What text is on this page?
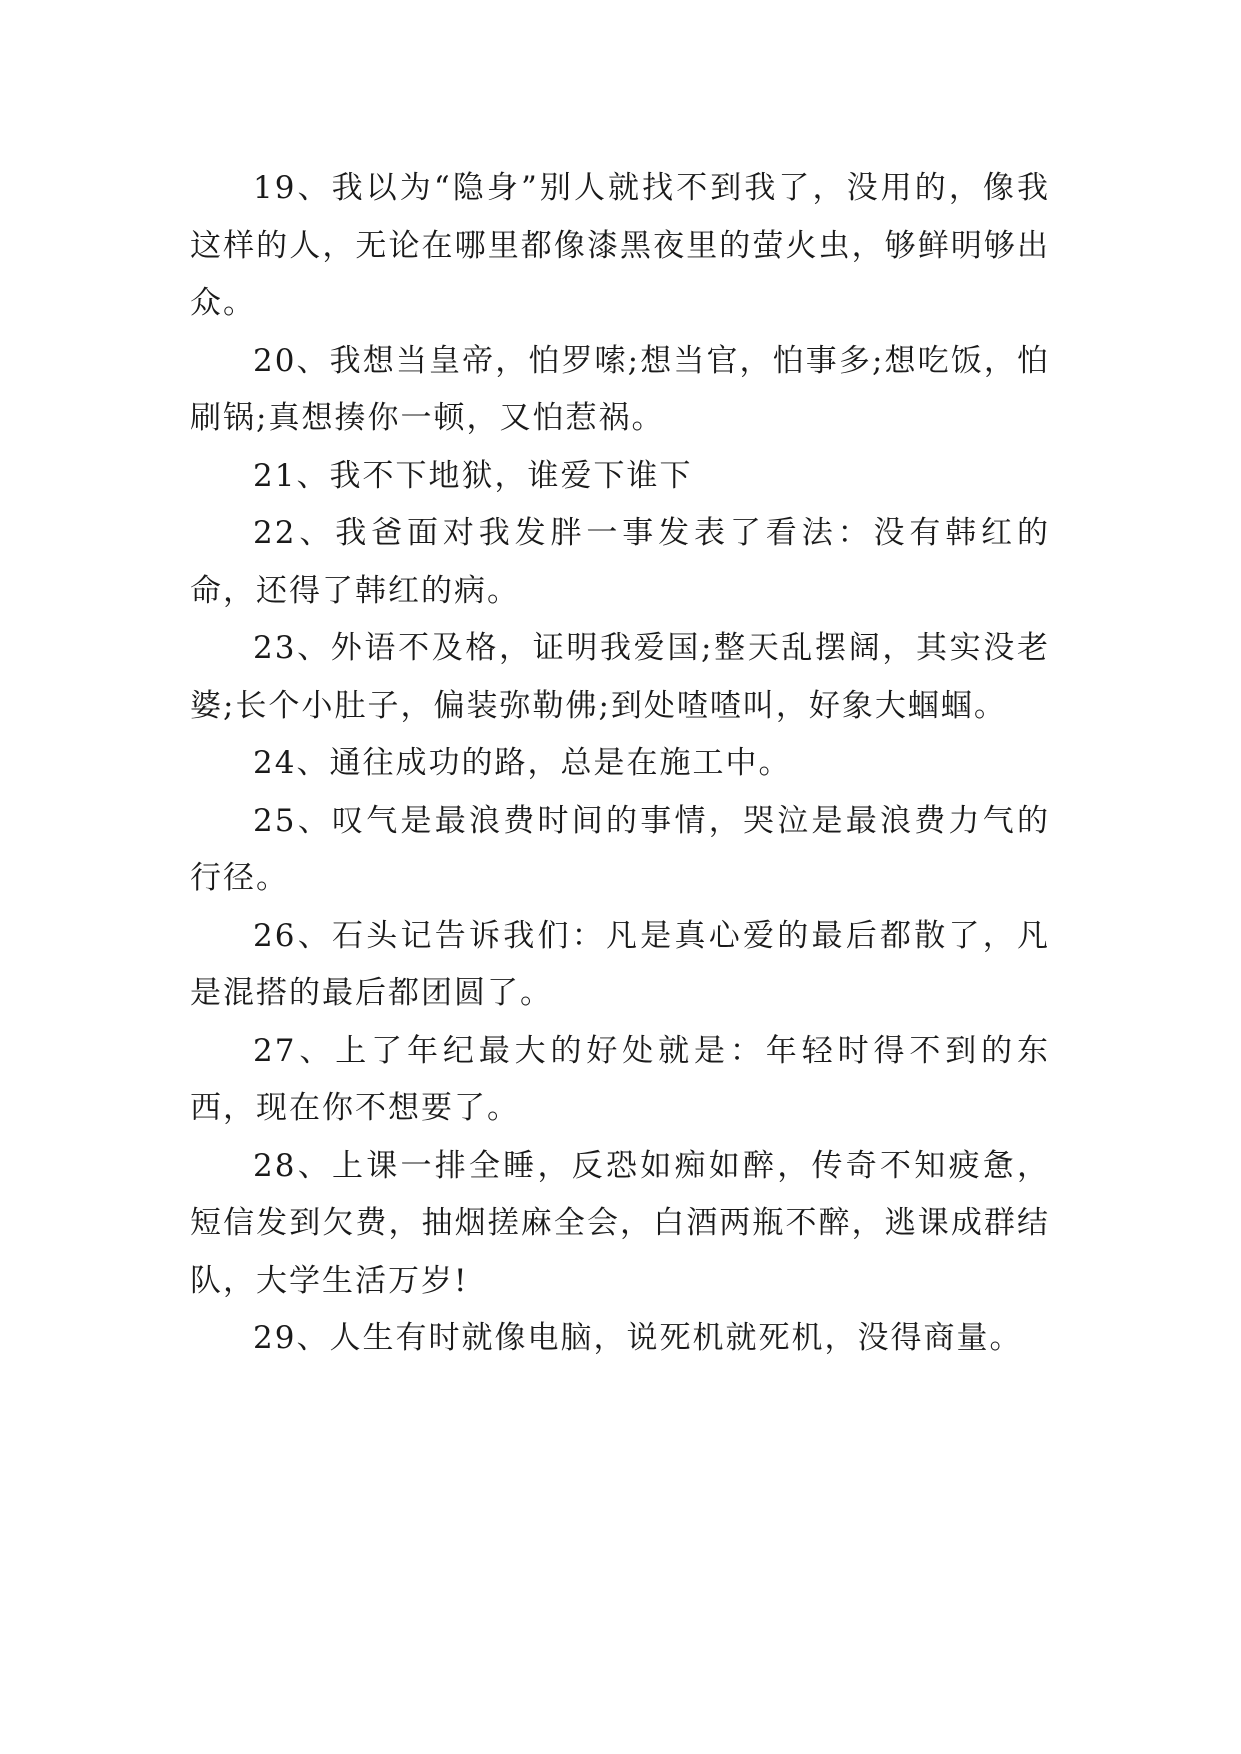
19、我以为“隐身”别人就找不到我了，没用的，像我这样的人，无论在哪里都像漆黑夜里的萤火虫，够鲜明够出众。

20、我想当皇帝，怕罗嗦;想当官，怕事多;想吃饭，怕刷锅;真想揍你一顿，又怕惹祸。

21、我不下地狱，谁爱下谁下

22、我爸面对我发胖一事发表了看法：没有韩红的命，还得了韩红的病。

23、外语不及格，证明我爱国;整天乱摆阔，其实没老婆;长个小肚子，偏装弥勒佛;到处喳喳叫，好象大蝈蝈。

24、通往成功的路，总是在施工中。

25、叹气是最浪费时间的事情，哭泣是最浪费力气的行径。

26、石头记告诉我们：凡是真心爱的最后都散了，凡是混搭的最后都团圆了。

27、上了年纪最大的好处就是：年轻时得不到的东西，现在你不想要了。

28、上课一排全睡，反恐如痴如醉，传奇不知疲惫，短信发到欠费，抽烟搓麻全会，白酒两瓶不醉，逃课成群结队，大学生活万岁!

29、人生有时就像电脑，说死机就死机，没得商量。
